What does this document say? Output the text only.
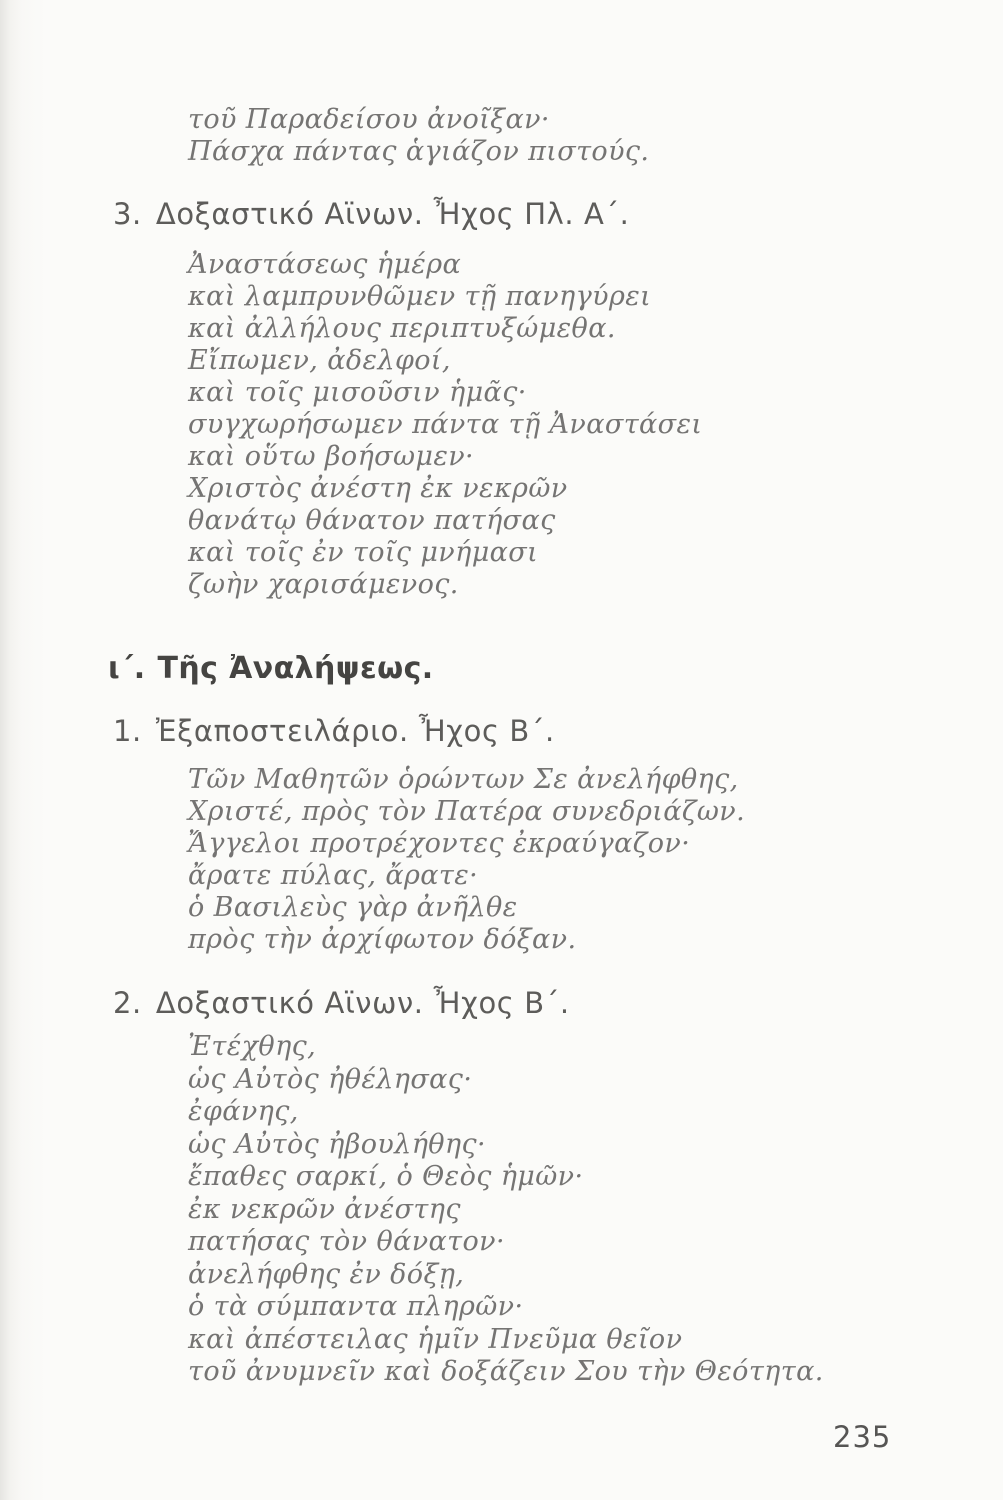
τοῦ Παραδείσου ἀνοῖξαν·
Πάσχα πάντας ἁγιάζον πιστούς.
3. Δοξαστικό Αϊνων. Ἦχος Πλ. Α΄.
Ἀναστάσεως ἡμέρα
καὶ λαμπρυνθῶμεν τῇ πανηγύρει
καὶ ἀλλήλους περιπτυξώμεθα.
Εἴπωμεν, ἀδελφοί,
καὶ τοῖς μισοῦσιν ἡμᾶς·
συγχωρήσωμεν πάντα τῇ Ἀναστάσει
καὶ οὕτω βοήσωμεν·
Χριστὸς ἀνέστη ἐκ νεκρῶν
θανάτῳ θάνατον πατήσας
καὶ τοῖς ἐν τοῖς μνήμασι
ζωὴν χαρισάμενος.
ι΄. Τῆς Ἀναλήψεως.
1. Ἐξαποστειλάριο. Ἦχος Β΄.
Τῶν Μαθητῶν ὁρώντων Σε ἀνελήφθης,
Χριστέ, πρὸς τὸν Πατέρα συνεδριάζων.
Ἄγγελοι προτρέχοντες ἐκραύγαζον·
ἄρατε πύλας, ἄρατε·
ὁ Βασιλεὺς γὰρ ἀνῆλθε
πρὸς τὴν ἀρχίφωτον δόξαν.
2. Δοξαστικό Αϊνων. Ἦχος Β΄.
Ἐτέχθης,
ὡς Αὐτὸς ἠθέλησας·
ἐφάνης,
ὡς Αὐτὸς ἠβουλήθης·
ἔπαθες σαρκί, ὁ Θεὸς ἡμῶν·
ἐκ νεκρῶν ἀνέστης
πατήσας τὸν θάνατον·
ἀνελήφθης ἐν δόξῃ,
ὁ τὰ σύμπαντα πληρῶν·
καὶ ἀπέστειλας ἡμῖν Πνεῦμα θεῖον
τοῦ ἀνυμνεῖν καὶ δοξάζειν Σου τὴν Θεότητα.
235
